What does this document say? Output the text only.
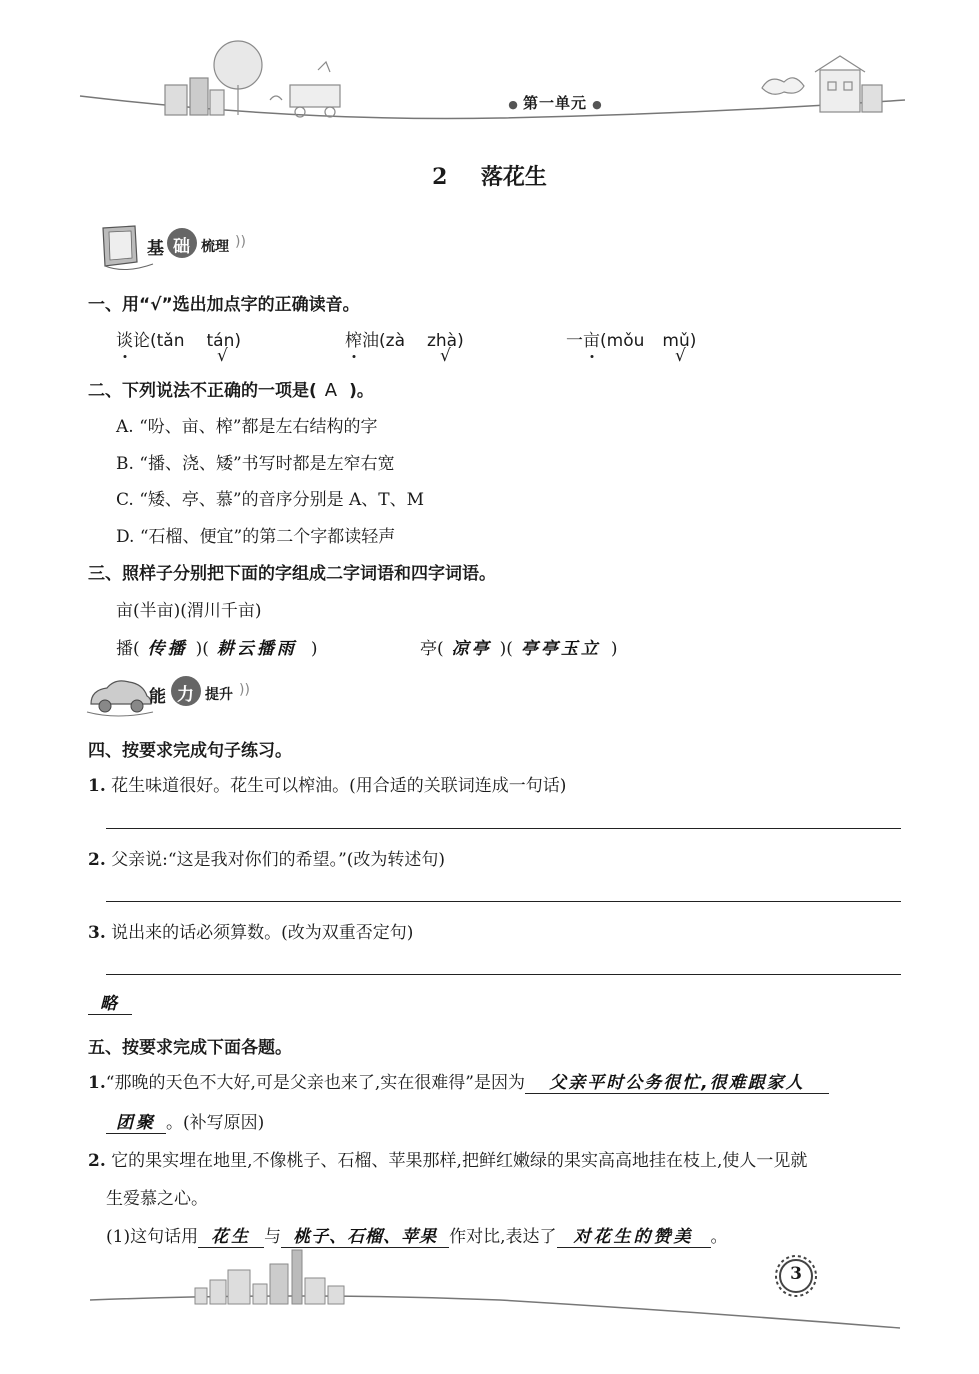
● 第一单元 ●
2 落花生
基 础 梳理 ))
一、用“√”选出加点字的正确读音。
谈论(tǎn tán)
√
榨油(zà zhà)
√
一亩(mǒu mǔ)
√
二、下列说法不正确的一项是( A )。
A. “吩、亩、榨”都是左右结构的字
B. “播、浇、矮”书写时都是左窄右宽
C. “矮、亭、慕”的音序分别是 A、T、M
D. “石榴、便宜”的第二个字都读轻声
三、照样子分别把下面的字组成二字词语和四字词语。
亩(半亩)(渭川千亩)
播( 传播 )( 耕云播雨 )	亭( 凉亭 )( 亭亭玉立 )
能 力 提升 ))
四、按要求完成句子练习。
1. 花生味道很好。花生可以榨油。(用合适的关联词连成一句话)
2. 父亲说:“这是我对你们的希望。”(改为转述句)
3. 说出来的话必须算数。(改为双重否定句)
略
五、按要求完成下面各题。
1.“那晚的天色不大好,可是父亲也来了,实在很难得”是因为 父亲平时公务很忙,很难跟家人
团聚 。(补写原因)
2. 它的果实埋在地里,不像桃子、石榴、苹果那样,把鲜红嫩绿的果实高高地挂在枝上,使人一见就
生爱慕之心。
(1)这句话用 花生 与 桃子、石榴、苹果 作对比,表达了 对花生的赞美 。
3
